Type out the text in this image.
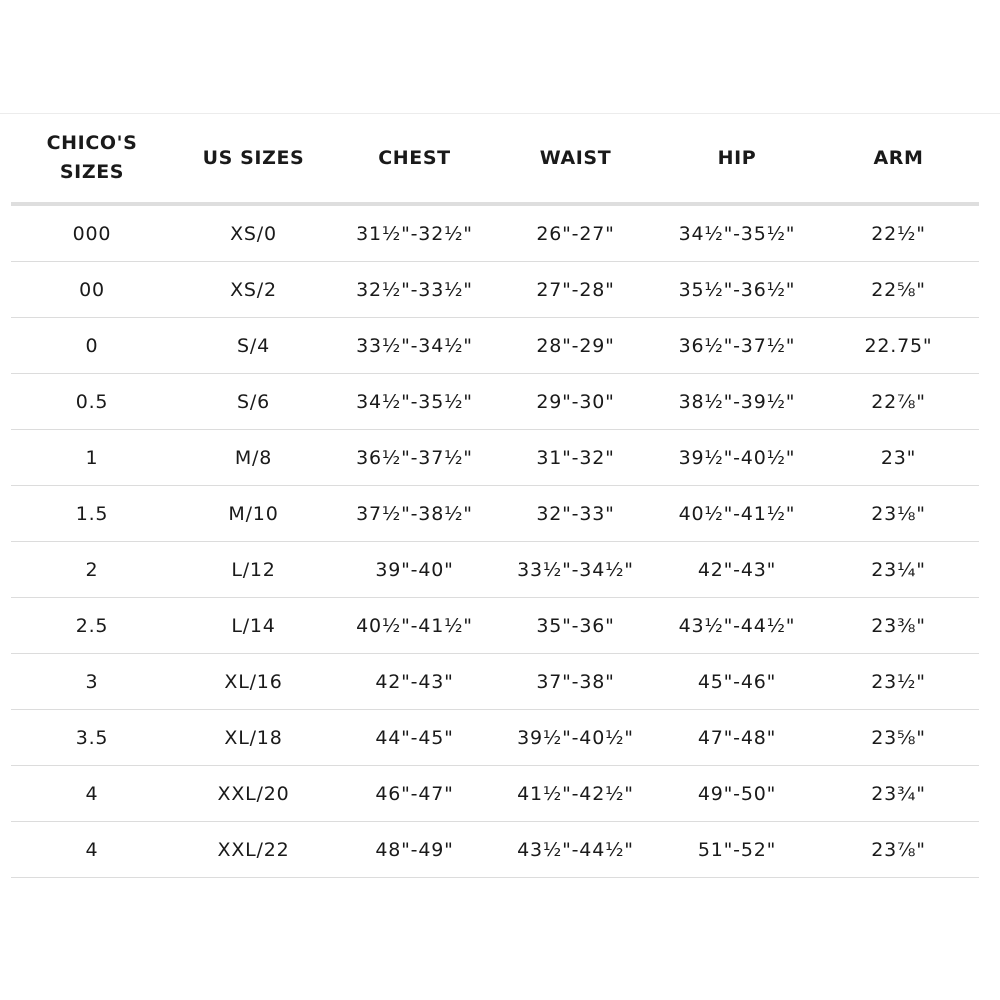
CHICO'S
SIZES	US SIZES	CHEST	WAIST	HIP	ARM
000	XS/0	31½"-32½"	26"-27"	34½"-35½"	22½"
00	XS/2	32½"-33½"	27"-28"	35½"-36½"	22⅝"
0	S/4	33½"-34½"	28"-29"	36½"-37½"	22.75"
0.5	S/6	34½"-35½"	29"-30"	38½"-39½"	22⅞"
1	M/8	36½"-37½"	31"-32"	39½"-40½"	23"
1.5	M/10	37½"-38½"	32"-33"	40½"-41½"	23⅛"
2	L/12	39"-40"	33½"-34½"	42"-43"	23¼"
2.5	L/14	40½"-41½"	35"-36"	43½"-44½"	23⅜"
3	XL/16	42"-43"	37"-38"	45"-46"	23½"
3.5	XL/18	44"-45"	39½"-40½"	47"-48"	23⅝"
4	XXL/20	46"-47"	41½"-42½"	49"-50"	23¾"
4	XXL/22	48"-49"	43½"-44½"	51"-52"	23⅞"
